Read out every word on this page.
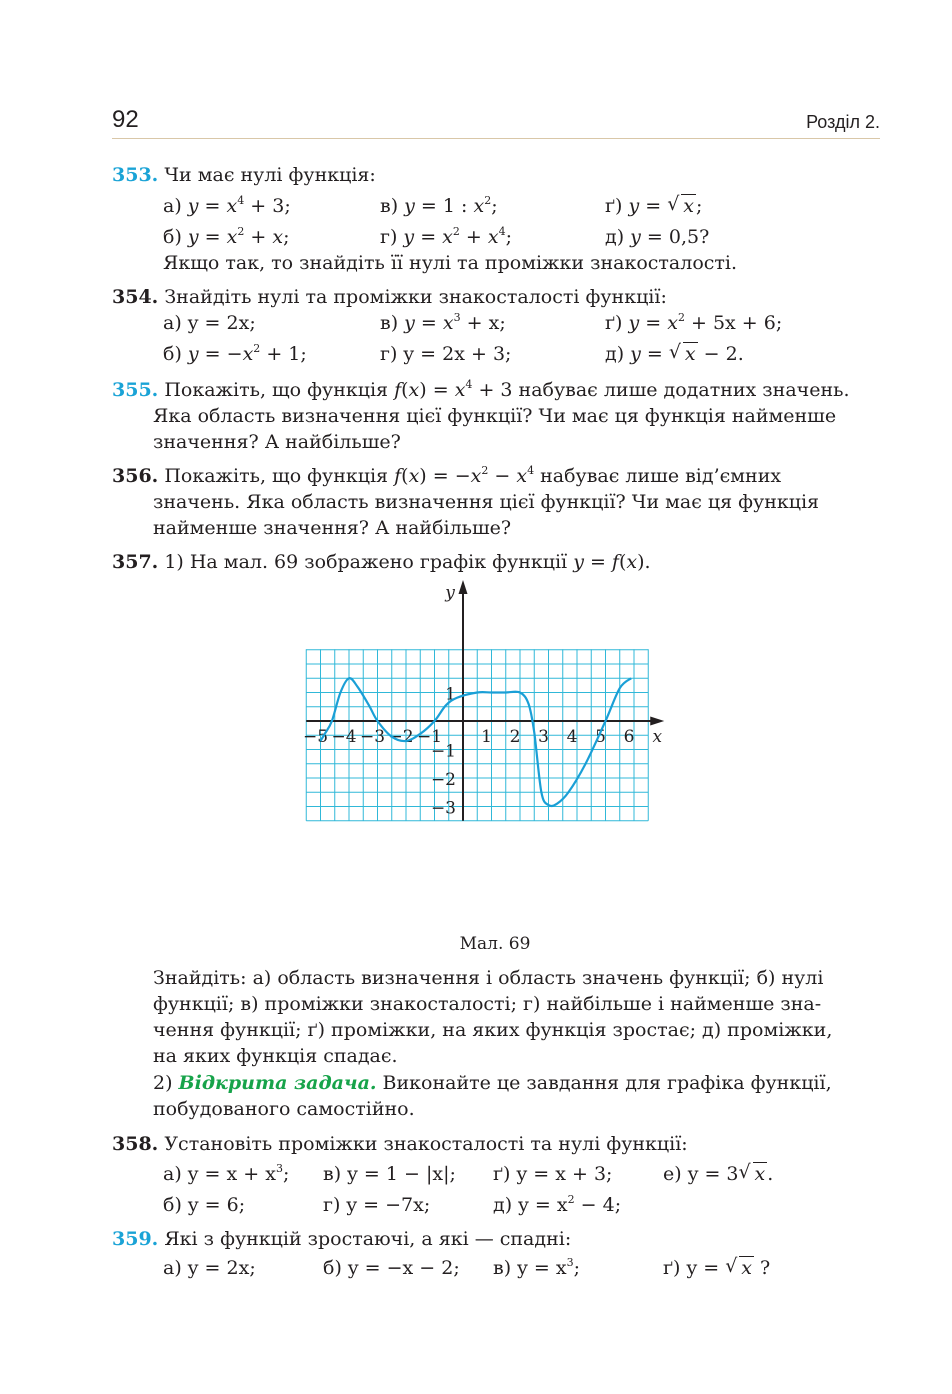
92	Розділ 2.
353. Чи має нулі функція:
а) $y = x^4 + 3$;	в) y = 1 : $x^2$;	ґ) y = √ x ;
б) $y = x^2 + x$;	г) $y = x^2 + x^4$;	д) y = 0,5?
Якщо так, то знайдіть її нулі та проміжки знакосталості.
354. Знайдіть нулі та проміжки знакосталості функції:
а) y = 2x;	в) $y = x^3 + x$;	ґ) $y = x^2 + 5x + 6$;
б) $y = -x^2 + 1$;	г) y = 2x + 3;	д) y = √ x − 2.
355. Покажіть, що функція $f(x) = x^4 + 3$ набуває лише додатних значень.
Яка область визначення цієї функції? Чи має ця функція найменше
значення? А найбільше?
356. Покажіть, що функція $f(x) = -x^2 - x^4$ набуває лише від’ємних
значень. Яка область визначення цієї функції? Чи має ця функція
найменше значення? А найбільше?
357. 1) На мал. 69 зображено графік функції y = f(x).
−5 −4 −3 −2 −1 1 2 3 4 5 6
1
−1
−2
−3
x
y
Мал. 69
Знайдіть: а) область визначення і область значень функції; б) нулі
функції; в) проміжки знакосталості; г) найбільше і найменше зна-
чення функції; ґ) проміжки, на яких функція зростає; д) проміжки,
на яких функція спадає.
2) Відкрита задача. Виконайте це завдання для графіка функції,
побудованого самостійно.
358. Установіть проміжки знакосталості та нулі функції:
а) $y = x + x^3$; в) y = 1 − |x|; ґ) y = x + 3;	е) y = 3 √ x .
б) y = 6;	г) y = −7x;	д) $y = x^2 - 4$;
359. Які з функцій зростаючі, а які — спадні:
а) y = 2x;	б) y = −x − 2; в) $y = x^3$;	ґ) y = √ x ?
